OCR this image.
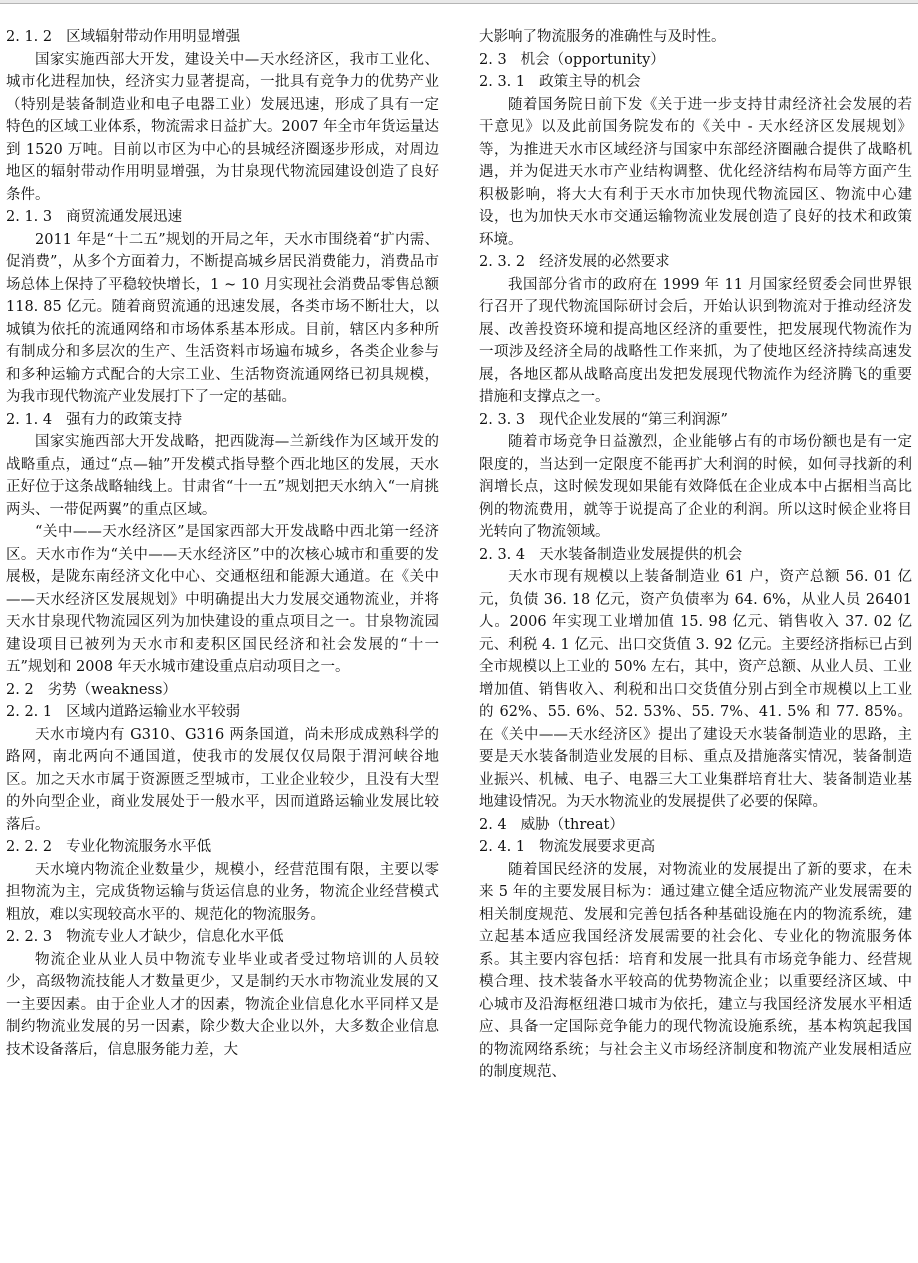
2. 1. 2 区域辐射带动作用明显增强
国家实施西部大开发，建设关中—天水经济区，我市工业化、城市化进程加快，经济实力显著提高，一批具有竞争力的优势产业（特别是装备制造业和电子电器工业）发展迅速，形成了具有一定特色的区域工业体系，物流需求日益扩大。2007 年全市年货运量达到 1520 万吨。目前以市区为中心的县城经济圈逐步形成，对周边地区的辐射带动作用明显增强，为甘泉现代物流园建设创造了良好条件。
2. 1. 3 商贸流通发展迅速
2011 年是“十二五”规划的开局之年，天水市围绕着“扩内需、促消费”，从多个方面着力，不断提高城乡居民消费能力，消费品市场总体上保持了平稳较快增长，1 ~ 10 月实现社会消费品零售总额 118. 85 亿元。随着商贸流通的迅速发展，各类市场不断壮大，以城镇为依托的流通网络和市场体系基本形成。目前，辖区内多种所有制成分和多层次的生产、生活资料市场遍布城乡，各类企业参与和多种运输方式配合的大宗工业、生活物资流通网络已初具规模，为我市现代物流产业发展打下了一定的基础。
2. 1. 4 强有力的政策支持
国家实施西部大开发战略，把西陇海—兰新线作为区域开发的战略重点，通过“点—轴”开发模式指导整个西北地区的发展，天水正好位于这条战略轴线上。甘肃省“十一五”规划把天水纳入“一肩挑两头、一带促两翼”的重点区域。
“关中——天水经济区”是国家西部大开发战略中西北第一经济区。天水市作为“关中——天水经济区”中的次核心城市和重要的发展极，是陇东南经济文化中心、交通枢纽和能源大通道。在《关中——天水经济区发展规划》中明确提出大力发展交通物流业，并将天水甘泉现代物流园区列为加快建设的重点项目之一。甘泉物流园建设项目已被列为天水市和麦积区国民经济和社会发展的“十一五”规划和 2008 年天水城市建设重点启动项目之一。
2. 2 劣势（weakness）
2. 2. 1 区域内道路运输业水平较弱
天水市境内有 G310、G316 两条国道，尚未形成成熟科学的路网，南北两向不通国道，使我市的发展仅仅局限于渭河峡谷地区。加之天水市属于资源匮乏型城市，工业企业较少，且没有大型的外向型企业，商业发展处于一般水平，因而道路运输业发展比较落后。
2. 2. 2 专业化物流服务水平低
天水境内物流企业数量少，规模小，经营范围有限，主要以零担物流为主，完成货物运输与货运信息的业务，物流企业经营模式粗放，难以实现较高水平的、规范化的物流服务。
2. 2. 3 物流专业人才缺少，信息化水平低
物流企业从业人员中物流专业毕业或者受过物培训的人员较少，高级物流技能人才数量更少，又是制约天水市物流业发展的又一主要因素。由于企业人才的因素，物流企业信息化水平同样又是制约物流业发展的另一因素，除少数大企业以外，大多数企业信息技术设备落后，信息服务能力差，大
大影响了物流服务的准确性与及时性。
2. 3 机会（opportunity）
2. 3. 1 政策主导的机会
随着国务院日前下发《关于进一步支持甘肃经济社会发展的若干意见》以及此前国务院发布的《关中 - 天水经济区发展规划》等，为推进天水市区域经济与国家中东部经济圈融合提供了战略机遇，并为促进天水市产业结构调整、优化经济结构布局等方面产生积极影响，将大大有利于天水市加快现代物流园区、物流中心建设，也为加快天水市交通运输物流业发展创造了良好的技术和政策环境。
2. 3. 2 经济发展的必然要求
我国部分省市的政府在 1999 年 11 月国家经贸委会同世界银行召开了现代物流国际研讨会后，开始认识到物流对于推动经济发展、改善投资环境和提高地区经济的重要性，把发展现代物流作为一项涉及经济全局的战略性工作来抓，为了使地区经济持续高速发展，各地区都从战略高度出发把发展现代物流作为经济腾飞的重要措施和支撑点之一。
2. 3. 3 现代企业发展的“第三利润源”
随着市场竞争日益激烈，企业能够占有的市场份额也是有一定限度的，当达到一定限度不能再扩大利润的时候，如何寻找新的利润增长点，这时候发现如果能有效降低在企业成本中占据相当高比例的物流费用，就等于说提高了企业的利润。所以这时候企业将目光转向了物流领域。
2. 3. 4 天水装备制造业发展提供的机会
天水市现有规模以上装备制造业 61 户，资产总额 56. 01 亿元，负债 36. 18 亿元，资产负债率为 64. 6%，从业人员 26401 人。2006 年实现工业增加值 15. 98 亿元、销售收入 37. 02 亿元、利税 4. 1 亿元、出口交货值 3. 92 亿元。主要经济指标已占到全市规模以上工业的 50% 左右，其中，资产总额、从业人员、工业增加值、销售收入、利税和出口交货值分别占到全市规模以上工业的 62%、55. 6%、52. 53%、55. 7%、41. 5% 和 77. 85%。在《关中——天水经济区》提出了建设天水装备制造业的思路，主要是天水装备制造业发展的目标、重点及措施落实情况，装备制造业振兴、机械、电子、电器三大工业集群培育壮大、装备制造业基地建设情况。为天水物流业的发展提供了必要的保障。
2. 4 威胁（threat）
2. 4. 1 物流发展要求更高
随着国民经济的发展，对物流业的发展提出了新的要求，在未来 5 年的主要发展目标为：通过建立健全适应物流产业发展需要的相关制度规范、发展和完善包括各种基础设施在内的物流系统，建立起基本适应我国经济发展需要的社会化、专业化的物流服务体系。其主要内容包括：培育和发展一批具有市场竞争能力、经营规模合理、技术装备水平较高的优势物流企业；以重要经济区域、中心城市及沿海枢纽港口城市为依托，建立与我国经济发展水平相适应、具备一定国际竞争能力的现代物流设施系统，基本构筑起我国的物流网络系统；与社会主义市场经济制度和物流产业发展相适应的制度规范、
